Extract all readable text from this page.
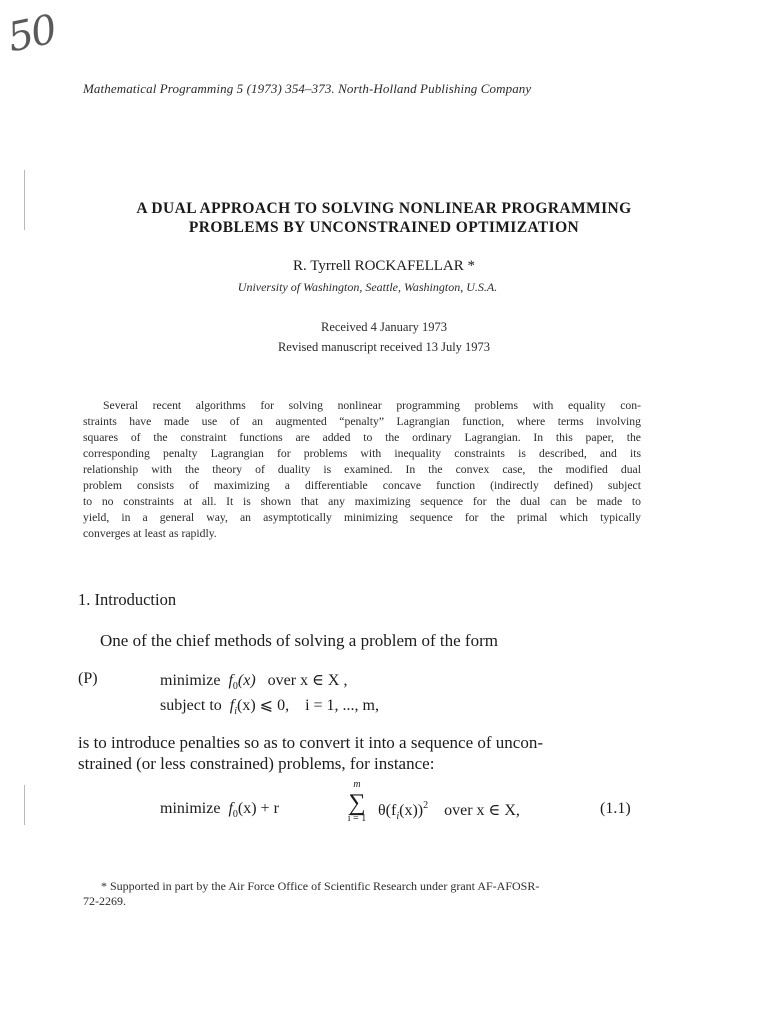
50
Mathematical Programming 5 (1973) 354–373. North-Holland Publishing Company
A DUAL APPROACH TO SOLVING NONLINEAR PROGRAMMING
PROBLEMS BY UNCONSTRAINED OPTIMIZATION
R. Tyrrell ROCKAFELLAR *
University of Washington, Seattle, Washington, U.S.A.
Received 4 January 1973
Revised manuscript received 13 July 1973
Several recent algorithms for solving nonlinear programming problems with equality con-
straints have made use of an augmented “penalty” Lagrangian function, where terms involving
squares of the constraint functions are added to the ordinary Lagrangian. In this paper, the
corresponding penalty Lagrangian for problems with inequality constraints is described, and its
relationship with the theory of duality is examined. In the convex case, the modified dual
problem consists of maximizing a differentiable concave function (indirectly defined) subject
to no constraints at all. It is shown that any maximizing sequence for the dual can be made to
yield, in a general way, an asymptotically minimizing sequence for the primal which typically
converges at least as rapidly.
1. Introduction
One of the chief methods of solving a problem of the form
(P)	minimize $f_0(x)$ over x ∈ X ,
subject to $f_i(x)$ ⩽ 0, i = 1, ..., m,
is to introduce penalties so as to convert it into a sequence of uncon-
strained (or less constrained) problems, for instance:
minimize $f_0(x) + r$
m
∑
i = 1 $\theta(f_i(x))^2$ over x ∈ X,	(1.1)
* Supported in part by the Air Force Office of Scientific Research under grant AF-AFOSR-
72-2269.
